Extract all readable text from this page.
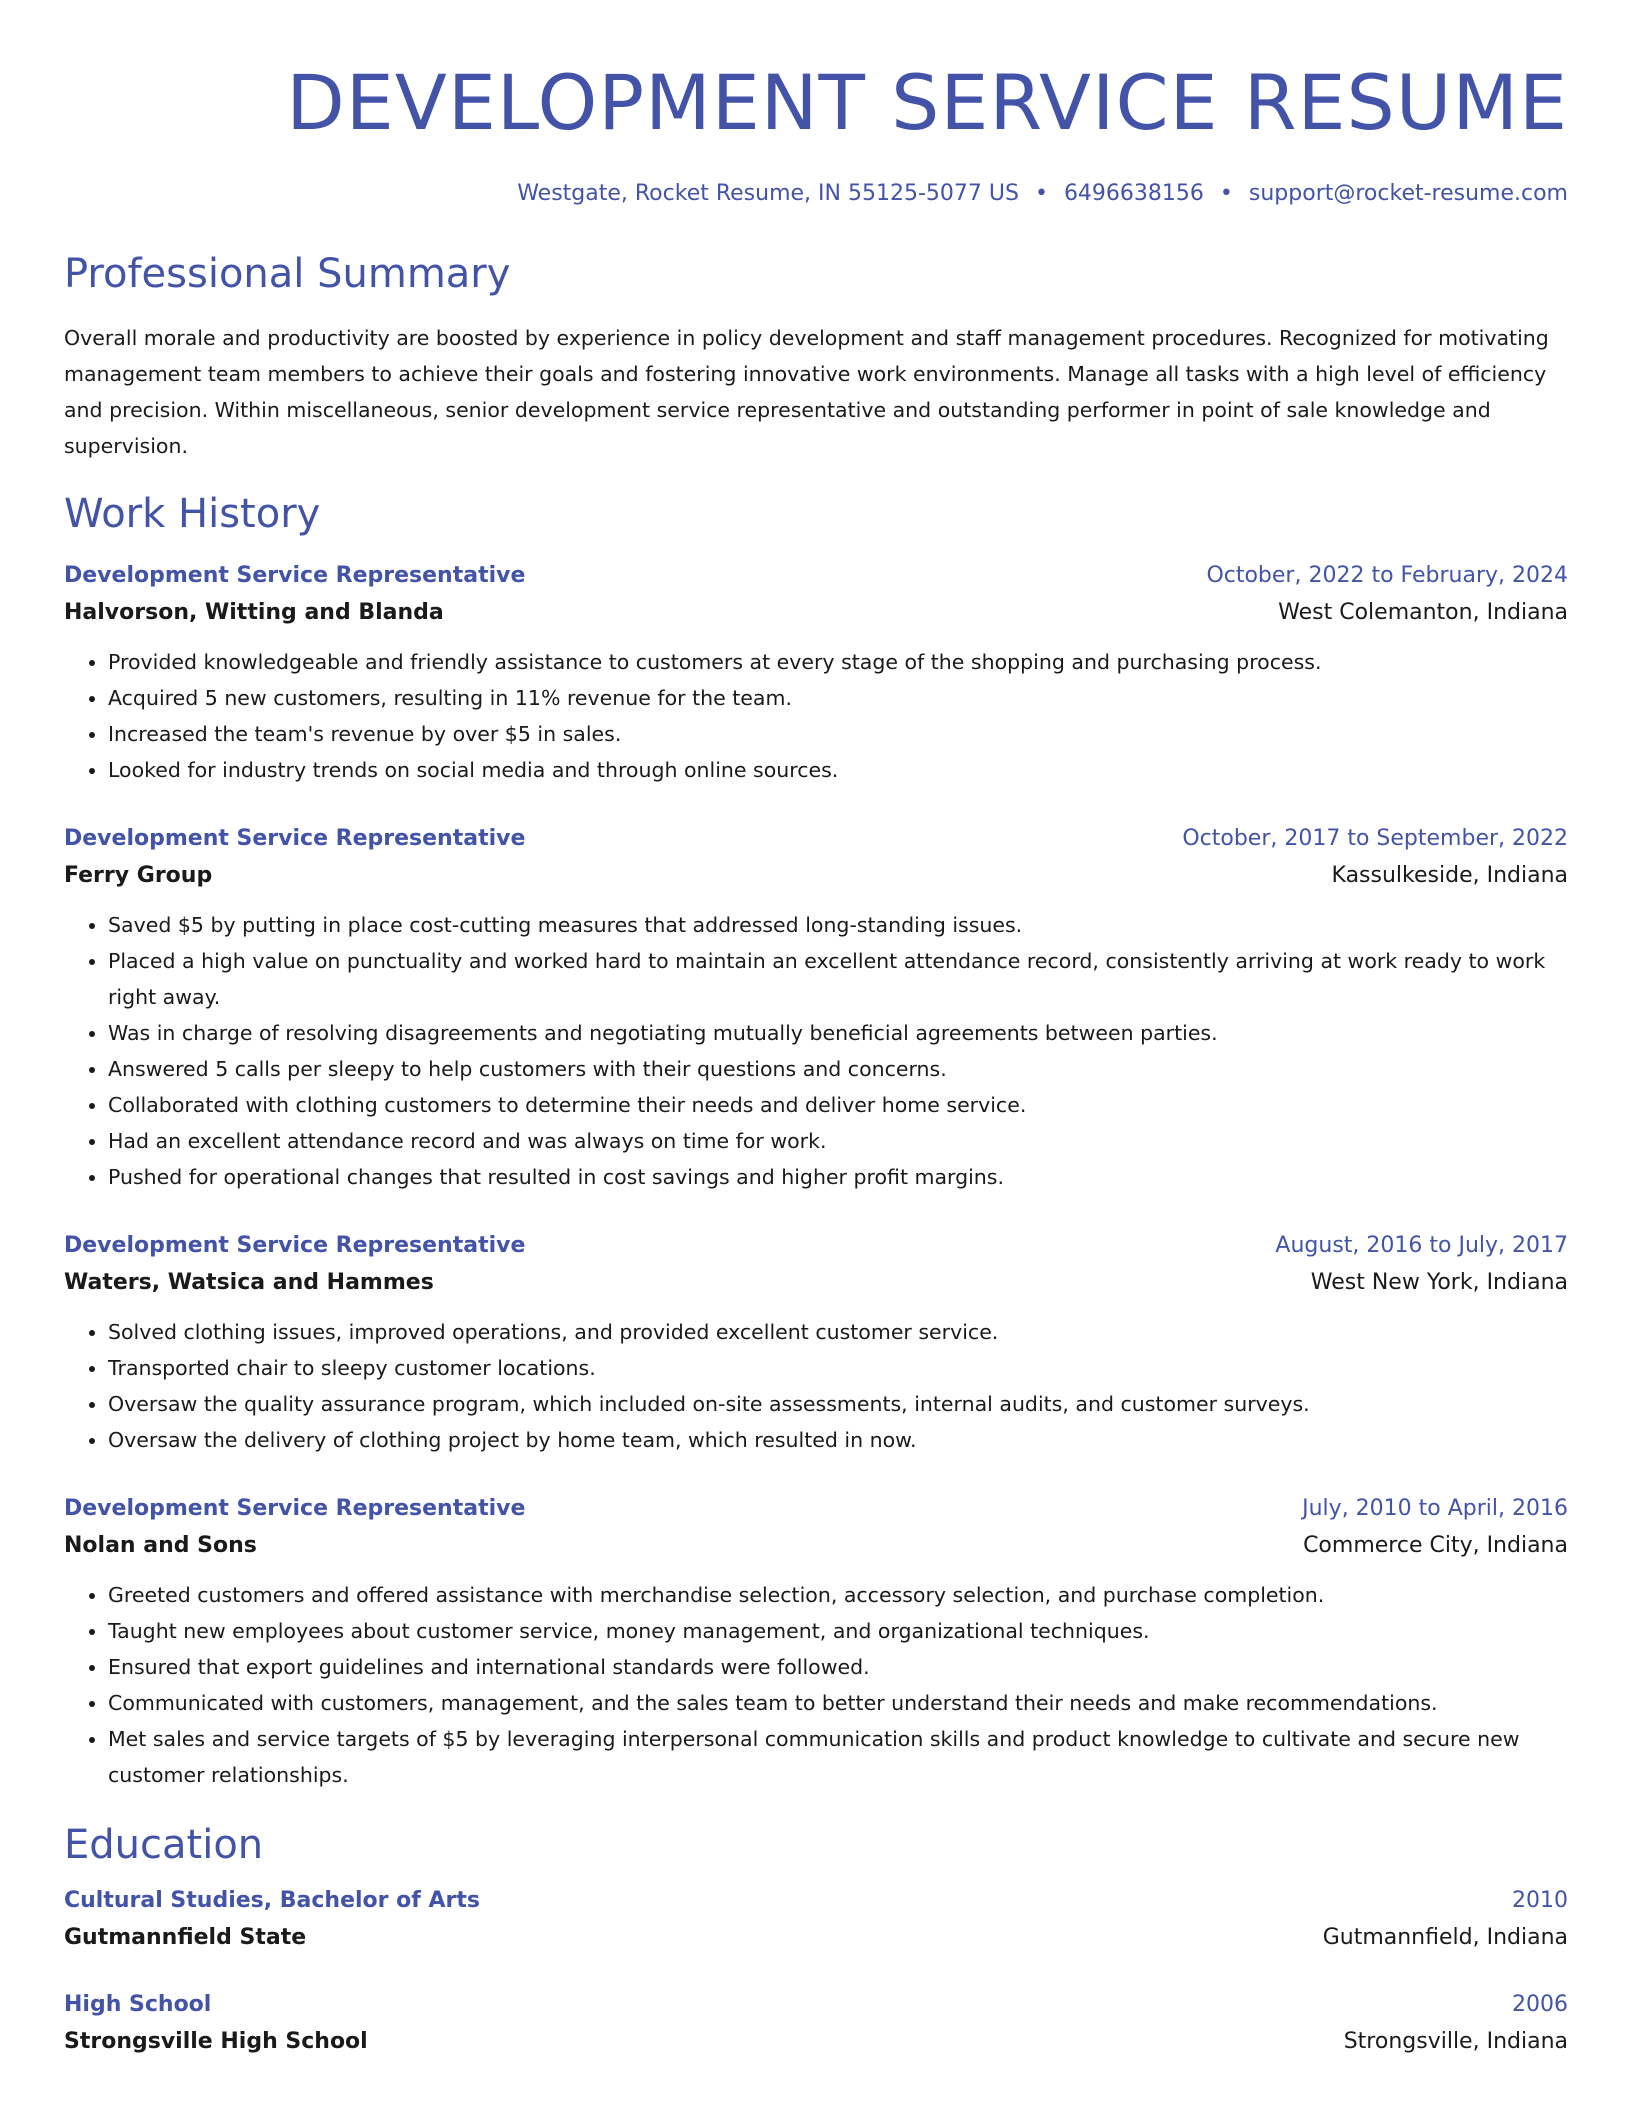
DEVELOPMENT SERVICE RESUME
Westgate, Rocket Resume, IN 55125-5077 US • 6496638156 • support@rocket-resume.com
Professional Summary

Overall morale and productivity are boosted by experience in policy development and staff management procedures. Recognized for motivating management team members to achieve their goals and fostering innovative work environments. Manage all tasks with a high level of efficiency and precision. Within miscellaneous, senior development service representative and outstanding performer in point of sale knowledge and supervision.

Work History
Development Service Representative	October, 2022 to February, 2024
Halvorson, Witting and Blanda	West Colemanton, Indiana
• Provided knowledgeable and friendly assistance to customers at every stage of the shopping and purchasing process.
• Acquired 5 new customers, resulting in 11% revenue for the team.
• Increased the team's revenue by over $5 in sales.
• Looked for industry trends on social media and through online sources.
Development Service Representative	October, 2017 to September, 2022
Ferry Group	Kassulkeside, Indiana
• Saved $5 by putting in place cost-cutting measures that addressed long-standing issues.
• Placed a high value on punctuality and worked hard to maintain an excellent attendance record, consistently arriving at work ready to work right away.
• Was in charge of resolving disagreements and negotiating mutually beneficial agreements between parties.
• Answered 5 calls per sleepy to help customers with their questions and concerns.
• Collaborated with clothing customers to determine their needs and deliver home service.
• Had an excellent attendance record and was always on time for work.
• Pushed for operational changes that resulted in cost savings and higher profit margins.
Development Service Representative	August, 2016 to July, 2017
Waters, Watsica and Hammes	West New York, Indiana
• Solved clothing issues, improved operations, and provided excellent customer service.
• Transported chair to sleepy customer locations.
• Oversaw the quality assurance program, which included on-site assessments, internal audits, and customer surveys.
• Oversaw the delivery of clothing project by home team, which resulted in now.
Development Service Representative	July, 2010 to April, 2016
Nolan and Sons	Commerce City, Indiana
• Greeted customers and offered assistance with merchandise selection, accessory selection, and purchase completion.
• Taught new employees about customer service, money management, and organizational techniques.
• Ensured that export guidelines and international standards were followed.
• Communicated with customers, management, and the sales team to better understand their needs and make recommendations.
• Met sales and service targets of $5 by leveraging interpersonal communication skills and product knowledge to cultivate and secure new customer relationships.
Education
Cultural Studies, Bachelor of Arts	2010
Gutmannfield State	Gutmannfield, Indiana
High School	2006
Strongsville High School	Strongsville, Indiana
